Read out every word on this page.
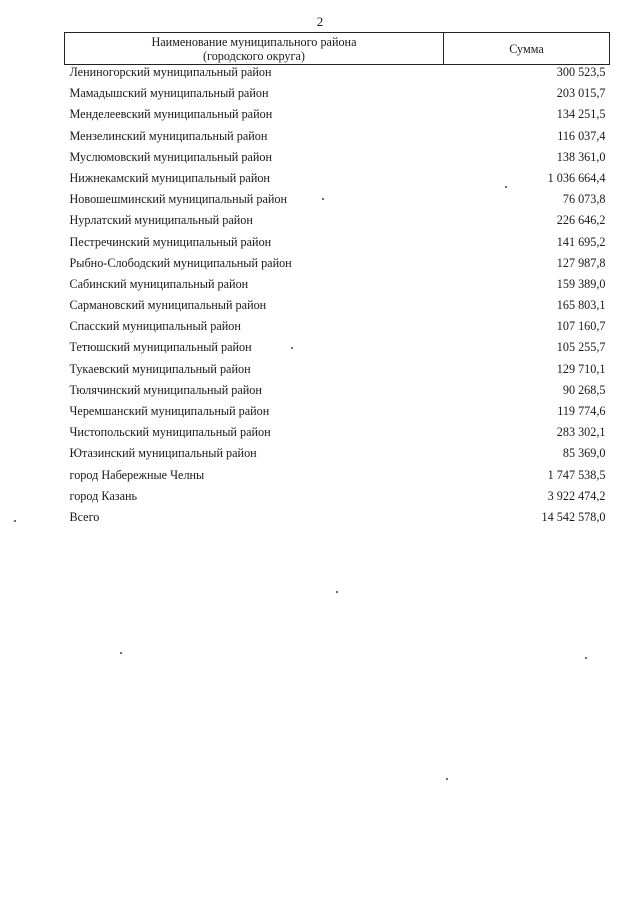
2
Наименование муниципального района
(городского округа)	Сумма
Лениногорский муниципальный район	300 523,5
Мамадышский муниципальный район	203 015,7
Менделеевский муниципальный район	134 251,5
Мензелинский муниципальный район	116 037,4
Муслюмовский муниципальный район	138 361,0
Нижнекамский муниципальный район	1 036 664,4
Новошешминский муниципальный район	76 073,8
Нурлатский муниципальный район	226 646,2
Пестречинский муниципальный район	141 695,2
Рыбно-Слободский муниципальный район	127 987,8
Сабинский муниципальный район	159 389,0
Сармановский муниципальный район	165 803,1
Спасский муниципальный район	107 160,7
Тетюшский муниципальный район	105 255,7
Тукаевский муниципальный район	129 710,1
Тюлячинский муниципальный район	90 268,5
Черемшанский муниципальный район	119 774,6
Чистопольский муниципальный район	283 302,1
Ютазинский муниципальный район	85 369,0
город Набережные Челны	1 747 538,5
город Казань	3 922 474,2
Всего	14 542 578,0
